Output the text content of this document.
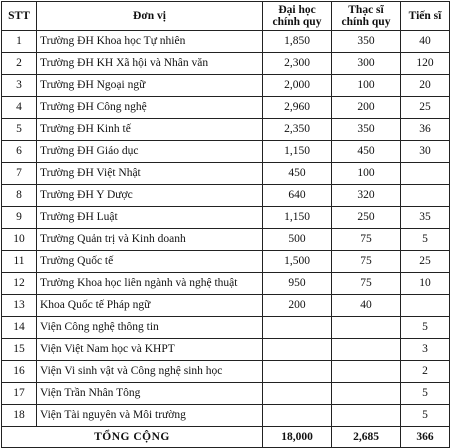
STT	Đơn vị	Đại học chính quy	Thạc sĩ chính quy	Tiến sĩ
1	Trường ĐH Khoa học Tự nhiên	1,850	350	40
2	Trường ĐH KH Xã hội và Nhân văn	2,300	300	120
3	Trường ĐH Ngoại ngữ	2,000	100	20
4	Trường ĐH Công nghệ	2,960	200	25
5	Trường ĐH Kinh tế	2,350	350	36
6	Trường ĐH Giáo dục	1,150	450	30
7	Trường ĐH Việt Nhật	450	100	
8	Trường ĐH Y Dược	640	320	
9	Trường ĐH Luật	1,150	250	35
10	Trường Quản trị và Kinh doanh	500	75	5
11	Trường Quốc tế	1,500	75	25
12	Trường Khoa học liên ngành và nghệ thuật	950	75	10
13	Khoa Quốc tế Pháp ngữ	200	40	
14	Viện Công nghệ thông tin			5
15	Viện Việt Nam học và KHPT			3
16	Viện Vi sinh vật và Công nghệ sinh học			2
17	Viện Trần Nhân Tông			5
18	Viện Tài nguyên và Môi trường			5
TỔNG CỘNG		18,000	2,685	366
